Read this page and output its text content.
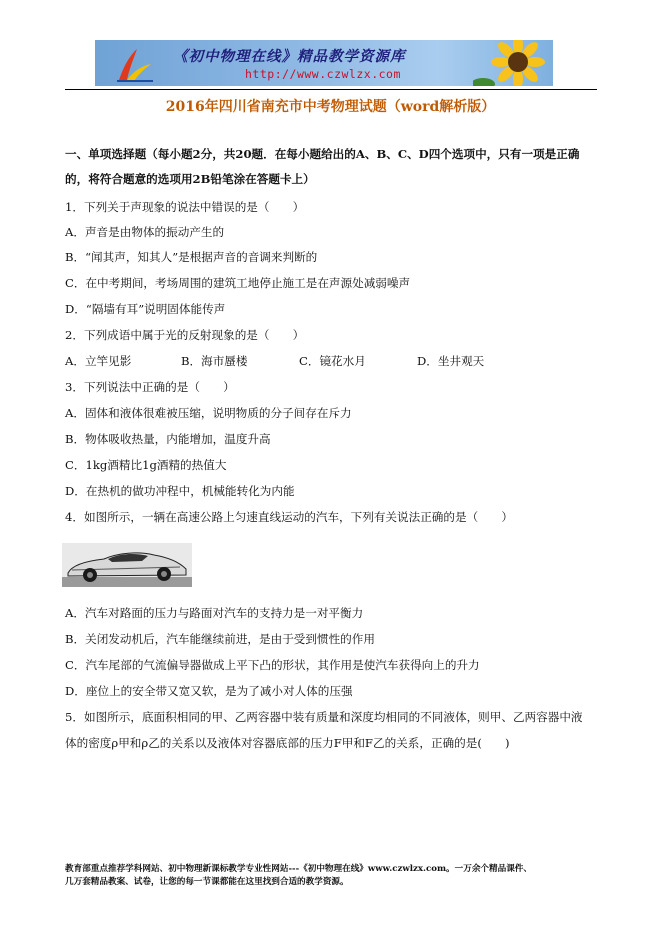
《初中物理在线》精品教学资源库
http://www.czwlzx.com
2016年四川省南充市中考物理试题（word解析版）
一、单项选择题（每小题2分，共20题．在每小题给出的A、B、C、D四个选项中，只有一项是正确
的，将符合题意的选项用2B铅笔涂在答题卡上）
1．下列关于声现象的说法中错误的是（　　）
A．声音是由物体的振动产生的
B．“闻其声，知其人”是根据声音的音调来判断的
C．在中考期间，考场周围的建筑工地停止施工是在声源处减弱噪声
D．“隔墙有耳”说明固体能传声
2．下列成语中属于光的反射现象的是（　　）
A．立竿见影	B．海市蜃楼	C．镜花水月	D．坐井观天
3．下列说法中正确的是（　　）
A．固体和液体很难被压缩，说明物质的分子间存在斥力
B．物体吸收热量，内能增加，温度升高
C．1kg酒精比1g酒精的热值大
D．在热机的做功冲程中，机械能转化为内能
4．如图所示，一辆在高速公路上匀速直线运动的汽车，下列有关说法正确的是（　　）
A．汽车对路面的压力与路面对汽车的支持力是一对平衡力
B．关闭发动机后，汽车能继续前进，是由于受到惯性的作用
C．汽车尾部的气流偏导器做成上平下凸的形状，其作用是使汽车获得向上的升力
D．座位上的安全带又宽又软，是为了减小对人体的压强
5．如图所示，底面积相同的甲、乙两容器中装有质量和深度均相同的不同液体，则甲、乙两容器中液
体的密度ρ甲和ρ乙的关系以及液体对容器底部的压力F甲和F乙的关系，正确的是(　　)
教育部重点推荐学科网站、初中物理新课标教学专业性网站---《初中物理在线》www.czwlzx.com。一万余个精品课件、
几万套精品教案、试卷，让您的每一节课都能在这里找到合适的教学资源。
